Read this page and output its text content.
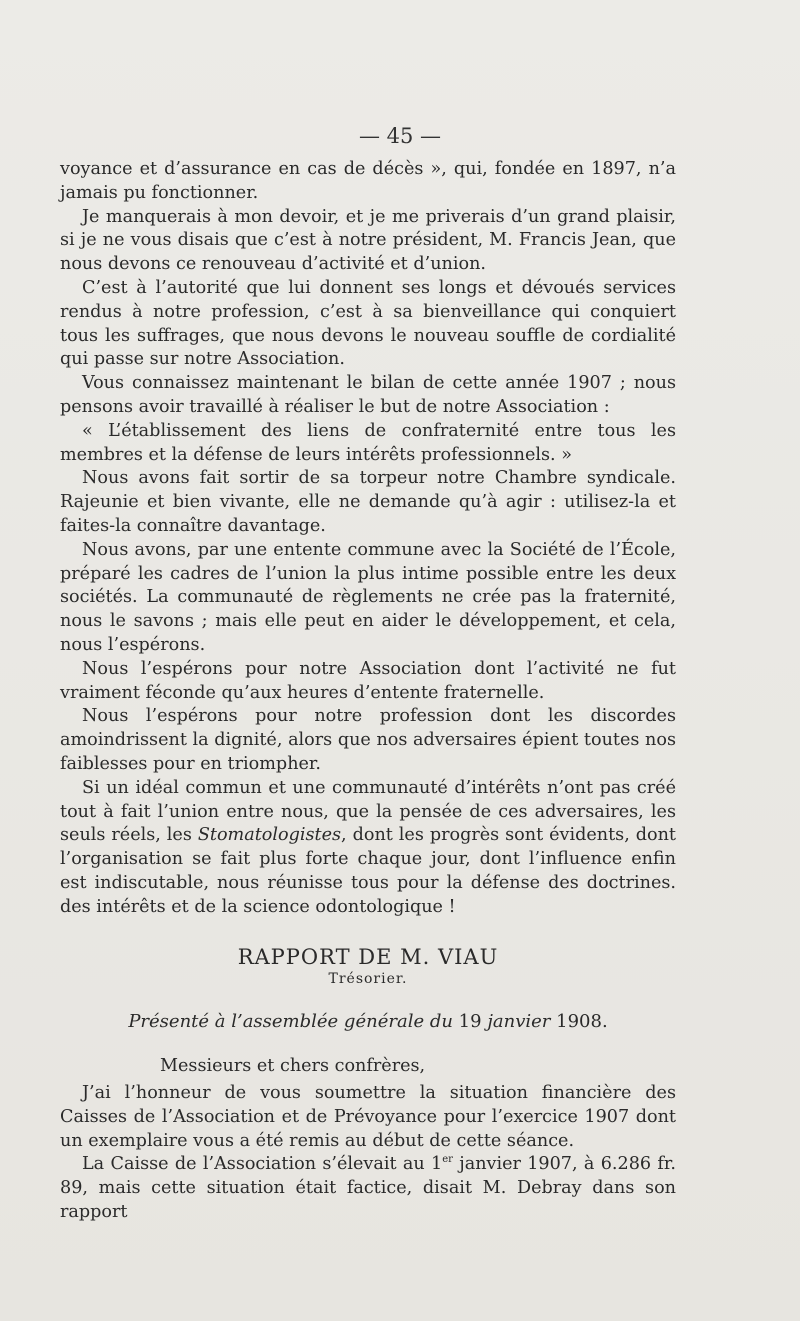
— 45 —

voyance et d’assurance en cas de décès », qui, fondée en 1897, n’a jamais pu fonctionner.

Je manquerais à mon devoir, et je me priverais d’un grand plaisir, si je ne vous disais que c’est à notre président, M. Francis Jean, que nous devons ce renouveau d’activité et d’union.

C’est à l’autorité que lui donnent ses longs et dévoués services rendus à notre profession, c’est à sa bienveillance qui conquiert tous les suffrages, que nous devons le nouveau souffle de cordialité qui passe sur notre Association.

Vous connaissez maintenant le bilan de cette année 1907 ; nous pensons avoir travaillé à réaliser le but de notre Association :

« L’établissement des liens de confraternité entre tous les membres et la défense de leurs intérêts professionnels. »

Nous avons fait sortir de sa torpeur notre Chambre syndicale. Rajeunie et bien vivante, elle ne demande qu’à agir : utilisez-la et faites-la connaître davantage.

Nous avons, par une entente commune avec la Société de l’École, préparé les cadres de l’union la plus intime possible entre les deux sociétés. La communauté de règlements ne crée pas la fraternité, nous le savons ; mais elle peut en aider le développement, et cela, nous l’espérons.

Nous l’espérons pour notre Association dont l’activité ne fut vraiment féconde qu’aux heures d’entente fraternelle.

Nous l’espérons pour notre profession dont les discordes amoindrissent la dignité, alors que nos adversaires épient toutes nos faiblesses pour en triompher.

Si un idéal commun et une communauté d’intérêts n’ont pas créé tout à fait l’union entre nous, que la pensée de ces adversaires, les seuls réels, les Stomatologistes, dont les progrès sont évidents, dont l’organisation se fait plus forte chaque jour, dont l’influence enfin est indiscutable, nous réunisse tous pour la défense des doctrines. des intérêts et de la science odontologique !

RAPPORT DE M. VIAU

Trésorier.

Présenté à l’assemblée générale du 19 janvier 1908.
Messieurs et chers confrères,

J’ai l’honneur de vous soumettre la situation financière des Caisses de l’Association et de Prévoyance pour l’exercice 1907 dont un exemplaire vous a été remis au début de cette séance.

La Caisse de l’Association s’élevait au 1er janvier 1907, à 6.286 fr. 89, mais cette situation était factice, disait M. Debray dans son rapport
